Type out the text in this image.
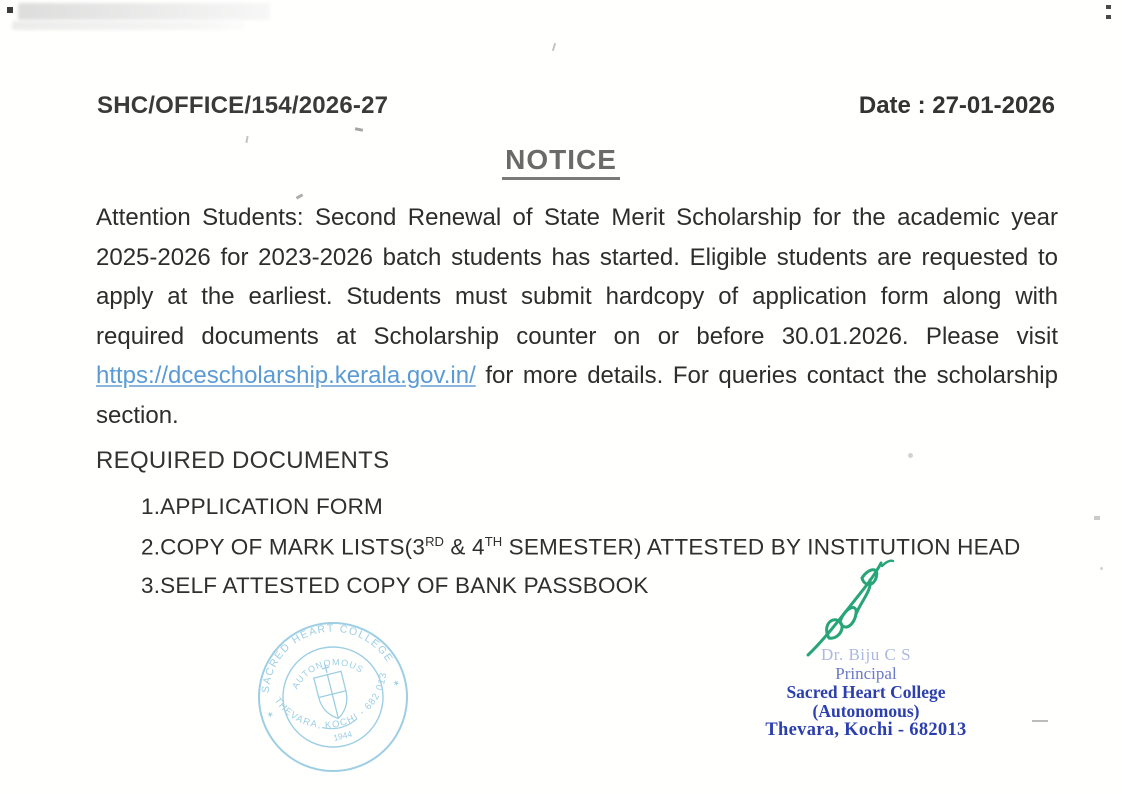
SHC/OFFICE/154/2026-27	Date : 27-01-2026
NOTICE

Attention Students: Second Renewal of State Merit Scholarship for the academic year 2025-2026 for 2023-2026 batch students has started. Eligible students are requested to apply at the earliest. Students must submit hardcopy of application form along with required documents at Scholarship counter on or before 30.01.2026. Please visit https://dcescholarship.kerala.gov.in/ for more details. For queries contact the scholarship section.

REQUIRED DOCUMENTS
1.APPLICATION FORM
2.COPY OF MARK LISTS(3RD & 4TH SEMESTER) ATTESTED BY INSTITUTION HEAD
3.SELF ATTESTED COPY OF BANK PASSBOOK
SACRED HEART COLLEGE
AUTONOMOUS
THEVARA, KOCHI - 682 013
✶
✶
1944
Dr. Biju C S
Principal
Sacred Heart College (Autonomous)
Thevara, Kochi - 682013
